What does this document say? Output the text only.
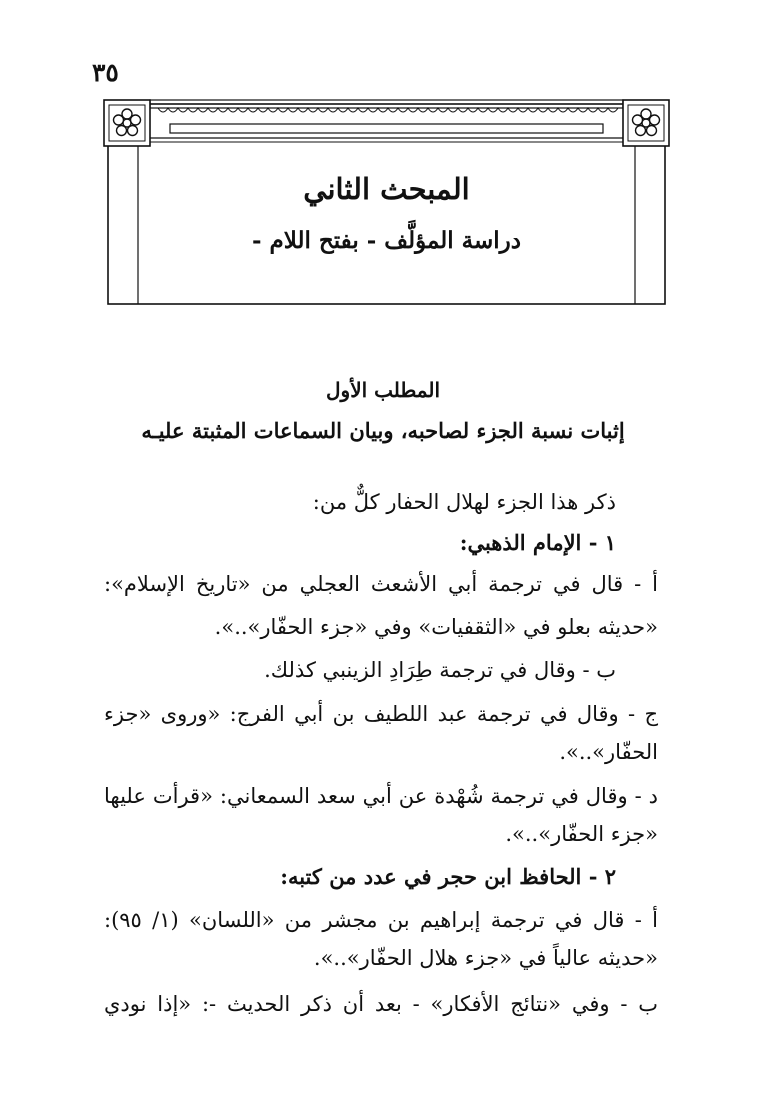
٣٥
المبحث الثاني
دراسة المؤلَّف - بفتح اللام -
المطلب الأول
إثبات نسبة الجزء لصاحبه، وبيان السماعات المثبتة عليـه
ذكر هذا الجزء لهلال الحفار كلٌّ من:
١ - الإمام الذهبي:
أ - قال في ترجمة أبي الأشعث العجلي من «تاريخ الإسلام»:
«حديثه بعلو في «الثقفيات» وفي «جزء الحفّار»..».
ب - وقال في ترجمة طِرَادِ الزينبي كذلك.
ج - وقال في ترجمة عبد اللطيف بن أبي الفرج: «وروى «جزء
الحفّار»..».
د - وقال في ترجمة شُهْدة عن أبي سعد السمعاني: «قرأت عليها
«جزء الحفّار»..».
٢ - الحافظ ابن حجر في عدد من كتبه:
أ - قال في ترجمة إبراهيم بن مجشر من «اللسان» (١/ ٩٥):
«حديثه عالياً في «جزء هلال الحفّار»..».
ب - وفي «نتائج الأفكار» - بعد أن ذكر الحديث -: «إذا نودي
